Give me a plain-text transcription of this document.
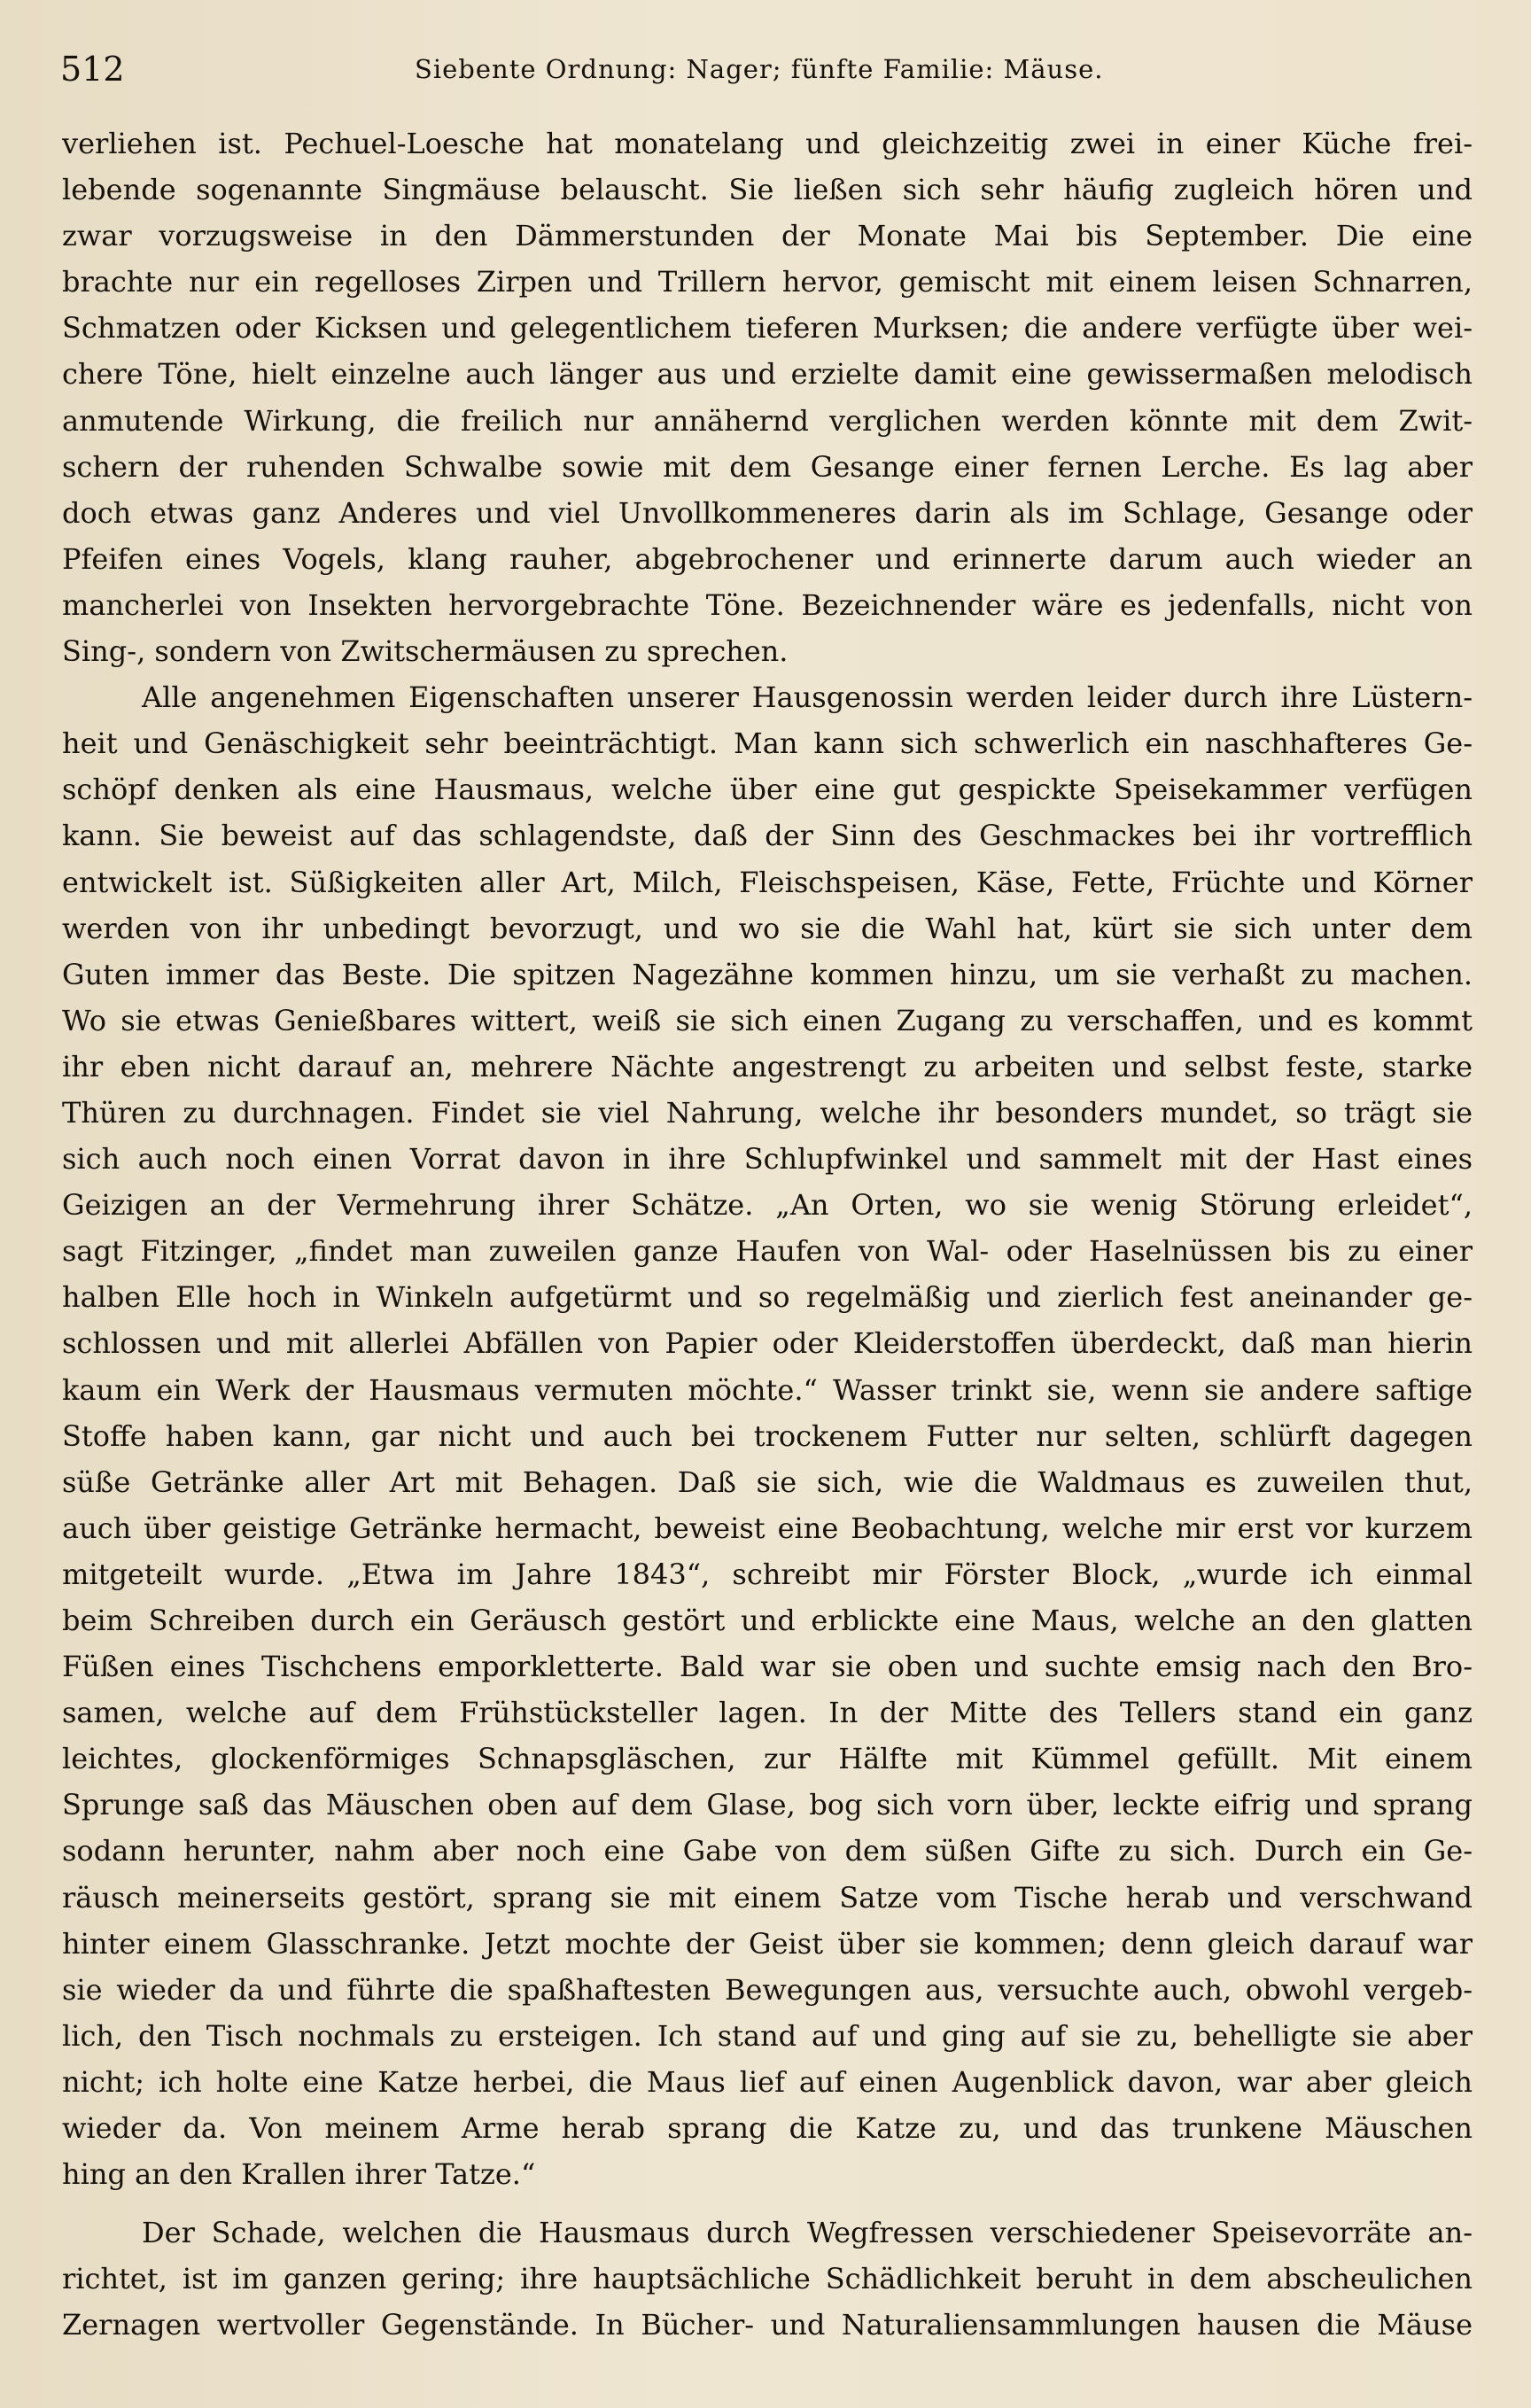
512	Siebente Ordnung: Nager; fünfte Familie: Mäuse.
verliehen ist. Pechuel-Loesche hat monatelang und gleichzeitig zwei in einer Küche frei-
lebende sogenannte Singmäuse belauscht. Sie ließen sich sehr häufig zugleich hören und
zwar vorzugsweise in den Dämmerstunden der Monate Mai bis September. Die eine
brachte nur ein regelloses Zirpen und Trillern hervor, gemischt mit einem leisen Schnarren,
Schmatzen oder Kicksen und gelegentlichem tieferen Murksen; die andere verfügte über wei-
chere Töne, hielt einzelne auch länger aus und erzielte damit eine gewissermaßen melodisch
anmutende Wirkung, die freilich nur annähernd verglichen werden könnte mit dem Zwit-
schern der ruhenden Schwalbe sowie mit dem Gesange einer fernen Lerche. Es lag aber
doch etwas ganz Anderes und viel Unvollkommeneres darin als im Schlage, Gesange oder
Pfeifen eines Vogels, klang rauher, abgebrochener und erinnerte darum auch wieder an
mancherlei von Insekten hervorgebrachte Töne. Bezeichnender wäre es jedenfalls, nicht von
Sing-, sondern von Zwitschermäusen zu sprechen.
Alle angenehmen Eigenschaften unserer Hausgenossin werden leider durch ihre Lüstern-
heit und Genäschigkeit sehr beeinträchtigt. Man kann sich schwerlich ein naschhafteres Ge-
schöpf denken als eine Hausmaus, welche über eine gut gespickte Speisekammer verfügen
kann. Sie beweist auf das schlagendste, daß der Sinn des Geschmackes bei ihr vortrefflich
entwickelt ist. Süßigkeiten aller Art, Milch, Fleischspeisen, Käse, Fette, Früchte und Körner
werden von ihr unbedingt bevorzugt, und wo sie die Wahl hat, kürt sie sich unter dem
Guten immer das Beste. Die spitzen Nagezähne kommen hinzu, um sie verhaßt zu machen.
Wo sie etwas Genießbares wittert, weiß sie sich einen Zugang zu verschaffen, und es kommt
ihr eben nicht darauf an, mehrere Nächte angestrengt zu arbeiten und selbst feste, starke
Thüren zu durchnagen. Findet sie viel Nahrung, welche ihr besonders mundet, so trägt sie
sich auch noch einen Vorrat davon in ihre Schlupfwinkel und sammelt mit der Hast eines
Geizigen an der Vermehrung ihrer Schätze. „An Orten, wo sie wenig Störung erleidet“,
sagt Fitzinger, „findet man zuweilen ganze Haufen von Wal- oder Haselnüssen bis zu einer
halben Elle hoch in Winkeln aufgetürmt und so regelmäßig und zierlich fest aneinander ge-
schlossen und mit allerlei Abfällen von Papier oder Kleiderstoffen überdeckt, daß man hierin
kaum ein Werk der Hausmaus vermuten möchte.“ Wasser trinkt sie, wenn sie andere saftige
Stoffe haben kann, gar nicht und auch bei trockenem Futter nur selten, schlürft dagegen
süße Getränke aller Art mit Behagen. Daß sie sich, wie die Waldmaus es zuweilen thut,
auch über geistige Getränke hermacht, beweist eine Beobachtung, welche mir erst vor kurzem
mitgeteilt wurde. „Etwa im Jahre 1843“, schreibt mir Förster Block, „wurde ich einmal
beim Schreiben durch ein Geräusch gestört und erblickte eine Maus, welche an den glatten
Füßen eines Tischchens emporkletterte. Bald war sie oben und suchte emsig nach den Bro-
samen, welche auf dem Frühstücksteller lagen. In der Mitte des Tellers stand ein ganz
leichtes, glockenförmiges Schnapsgläschen, zur Hälfte mit Kümmel gefüllt. Mit einem
Sprunge saß das Mäuschen oben auf dem Glase, bog sich vorn über, leckte eifrig und sprang
sodann herunter, nahm aber noch eine Gabe von dem süßen Gifte zu sich. Durch ein Ge-
räusch meinerseits gestört, sprang sie mit einem Satze vom Tische herab und verschwand
hinter einem Glasschranke. Jetzt mochte der Geist über sie kommen; denn gleich darauf war
sie wieder da und führte die spaßhaftesten Bewegungen aus, versuchte auch, obwohl vergeb-
lich, den Tisch nochmals zu ersteigen. Ich stand auf und ging auf sie zu, behelligte sie aber
nicht; ich holte eine Katze herbei, die Maus lief auf einen Augenblick davon, war aber gleich
wieder da. Von meinem Arme herab sprang die Katze zu, und das trunkene Mäuschen
hing an den Krallen ihrer Tatze.“
Der Schade, welchen die Hausmaus durch Wegfressen verschiedener Speisevorräte an-
richtet, ist im ganzen gering; ihre hauptsächliche Schädlichkeit beruht in dem abscheulichen
Zernagen wertvoller Gegenstände. In Bücher- und Naturaliensammlungen hausen die Mäuse
